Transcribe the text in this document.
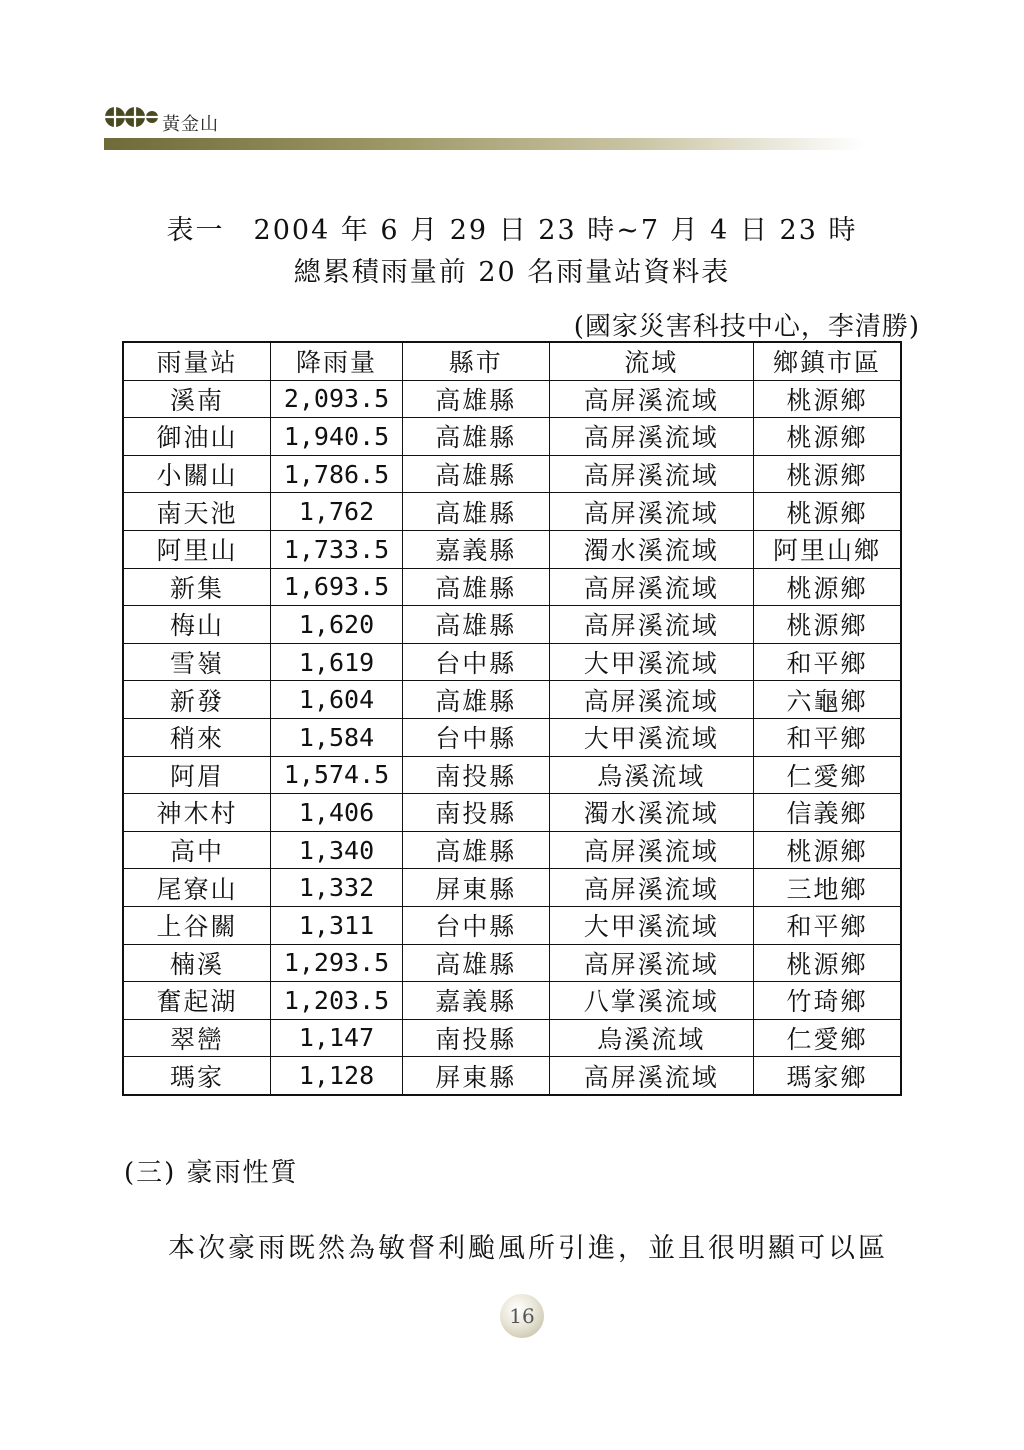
黃金山
表一　2004 年 6 月 29 日 23 時~7 月 4 日 23 時
總累積雨量前 20 名雨量站資料表
(國家災害科技中心，李清勝)
雨量站	降雨量	縣市	流域	鄉鎮市區
溪南	2,093.5	高雄縣	高屏溪流域	桃源鄉
御油山	1,940.5	高雄縣	高屏溪流域	桃源鄉
小關山	1,786.5	高雄縣	高屏溪流域	桃源鄉
南天池	1,762	高雄縣	高屏溪流域	桃源鄉
阿里山	1,733.5	嘉義縣	濁水溪流域	阿里山鄉
新集	1,693.5	高雄縣	高屏溪流域	桃源鄉
梅山	1,620	高雄縣	高屏溪流域	桃源鄉
雪嶺	1,619	台中縣	大甲溪流域	和平鄉
新發	1,604	高雄縣	高屏溪流域	六龜鄉
稍來	1,584	台中縣	大甲溪流域	和平鄉
阿眉	1,574.5	南投縣	烏溪流域	仁愛鄉
神木村	1,406	南投縣	濁水溪流域	信義鄉
高中	1,340	高雄縣	高屏溪流域	桃源鄉
尾寮山	1,332	屏東縣	高屏溪流域	三地鄉
上谷關	1,311	台中縣	大甲溪流域	和平鄉
楠溪	1,293.5	高雄縣	高屏溪流域	桃源鄉
奮起湖	1,203.5	嘉義縣	八掌溪流域	竹琦鄉
翠巒	1,147	南投縣	烏溪流域	仁愛鄉
瑪家	1,128	屏東縣	高屏溪流域	瑪家鄉
(三) 豪雨性質
本次豪雨既然為敏督利颱風所引進，並且很明顯可以區
16
